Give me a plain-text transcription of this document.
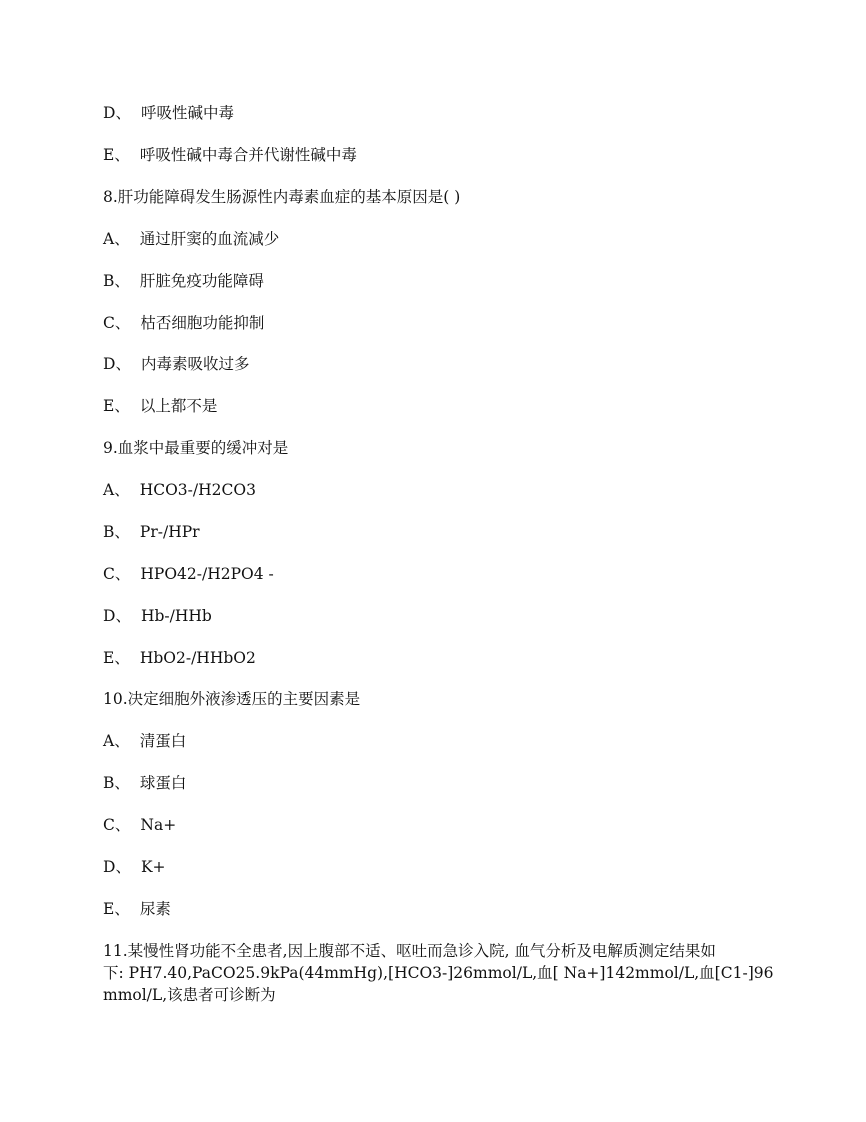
D、 呼吸性碱中毒
E、 呼吸性碱中毒合并代谢性碱中毒
8.肝功能障碍发生肠源性内毒素血症的基本原因是( )
A、 通过肝窦的血流减少
B、 肝脏免疫功能障碍
C、 枯否细胞功能抑制
D、 内毒素吸收过多
E、 以上都不是
9.血浆中最重要的缓冲对是
A、 HCO3-/H2CO3
B、 Pr-/HPr
C、 HPO42-/H2PO4 -
D、 Hb-/HHb
E、 HbO2-/HHbO2
10.决定细胞外液渗透压的主要因素是
A、 清蛋白
B、 球蛋白
C、 Na+
D、 K+
E、 尿素
11.某慢性肾功能不全患者,因上腹部不适、呕吐而急诊入院, 血气分析及电解质测定结果如
下: PH7.40,PaCO25.9kPa(44mmHg),[HCO3-]26mmol/L,血[ Na+]142mmol/L,血[C1-]96
mmol/L,该患者可诊断为
